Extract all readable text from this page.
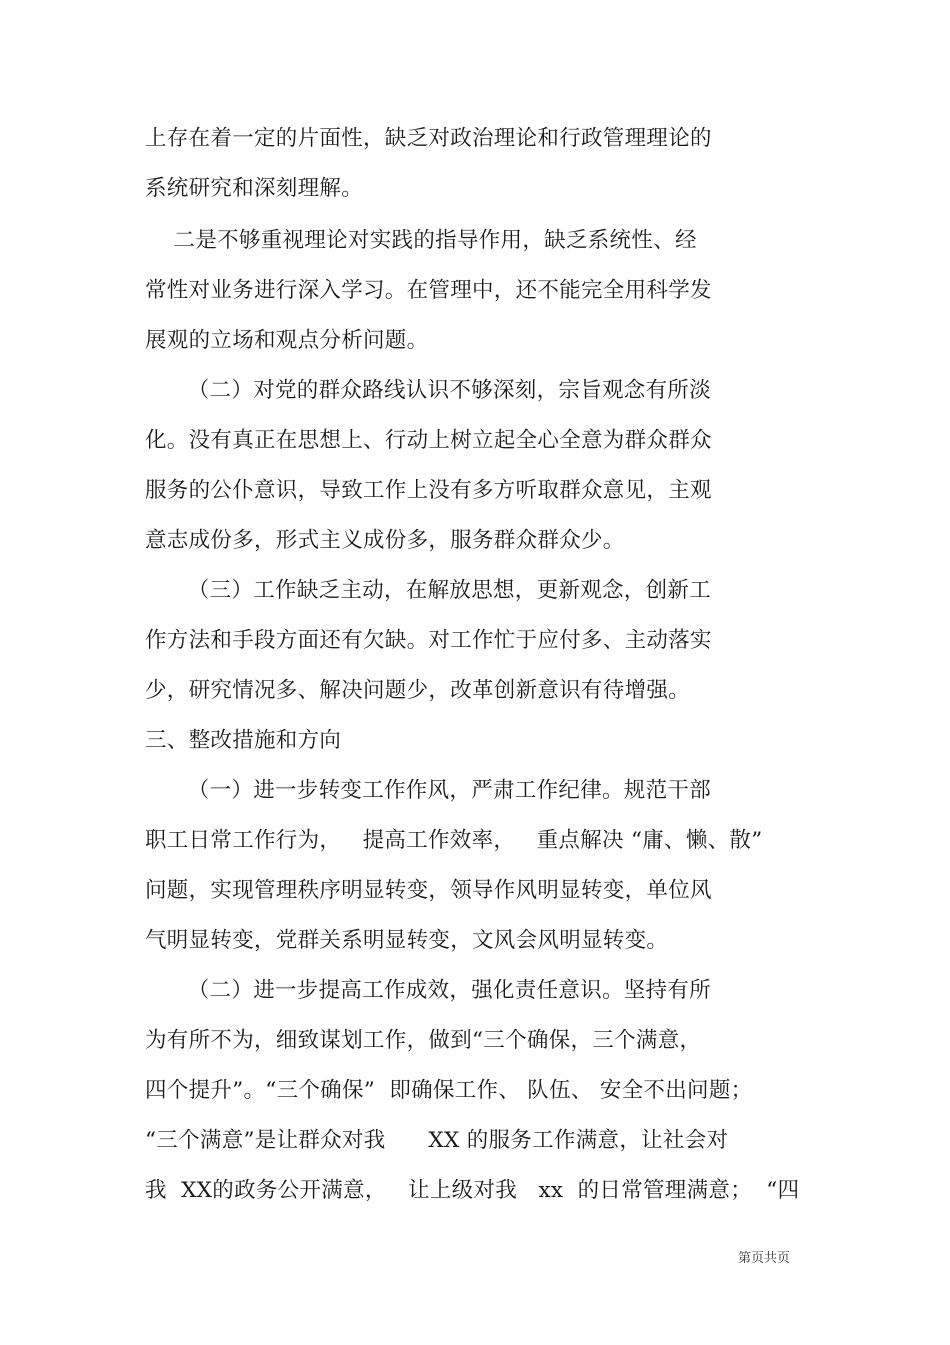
上存在着一定的片面性，缺乏对政治理论和行政管理理论的
系统研究和深刻理解。
二是不够重视理论对实践的指导作用，缺乏系统性、经
常性对业务进行深入学习。在管理中，还不能完全用科学发
展观的立场和观点分析问题。
（二）对党的群众路线认识不够深刻，宗旨观念有所淡
化。没有真正在思想上、行动上树立起全心全意为群众群众
服务的公仆意识，导致工作上没有多方听取群众意见，主观
意志成份多，形式主义成份多，服务群众群众少。
（三）工作缺乏主动，在解放思想，更新观念，创新工
作方法和手段方面还有欠缺。对工作忙于应付多、主动落实
少，研究情况多、解决问题少，改革创新意识有待增强。
三、整改措施和方向
（一）进一步转变工作作风，严肃工作纪律。规范干部
职工日常工作行为，   提高工作效率，   重点解决 “庸、懒、散”
问题，实现管理秩序明显转变，领导作风明显转变，单位风
气明显转变，党群关系明显转变，文风会风明显转变。
（二）进一步提高工作成效，强化责任意识。坚持有所
为有所不为，细致谋划工作，做到“三个确保，三个满意，
四个提升”。“三个确保”  即确保工作、 队伍、 安全不出问题；
“三个满意”是让群众对我      XX 的服务工作满意，让社会对
我  XX的政务公开满意，   让上级对我   xx  的日常管理满意；  “四
第页共页
